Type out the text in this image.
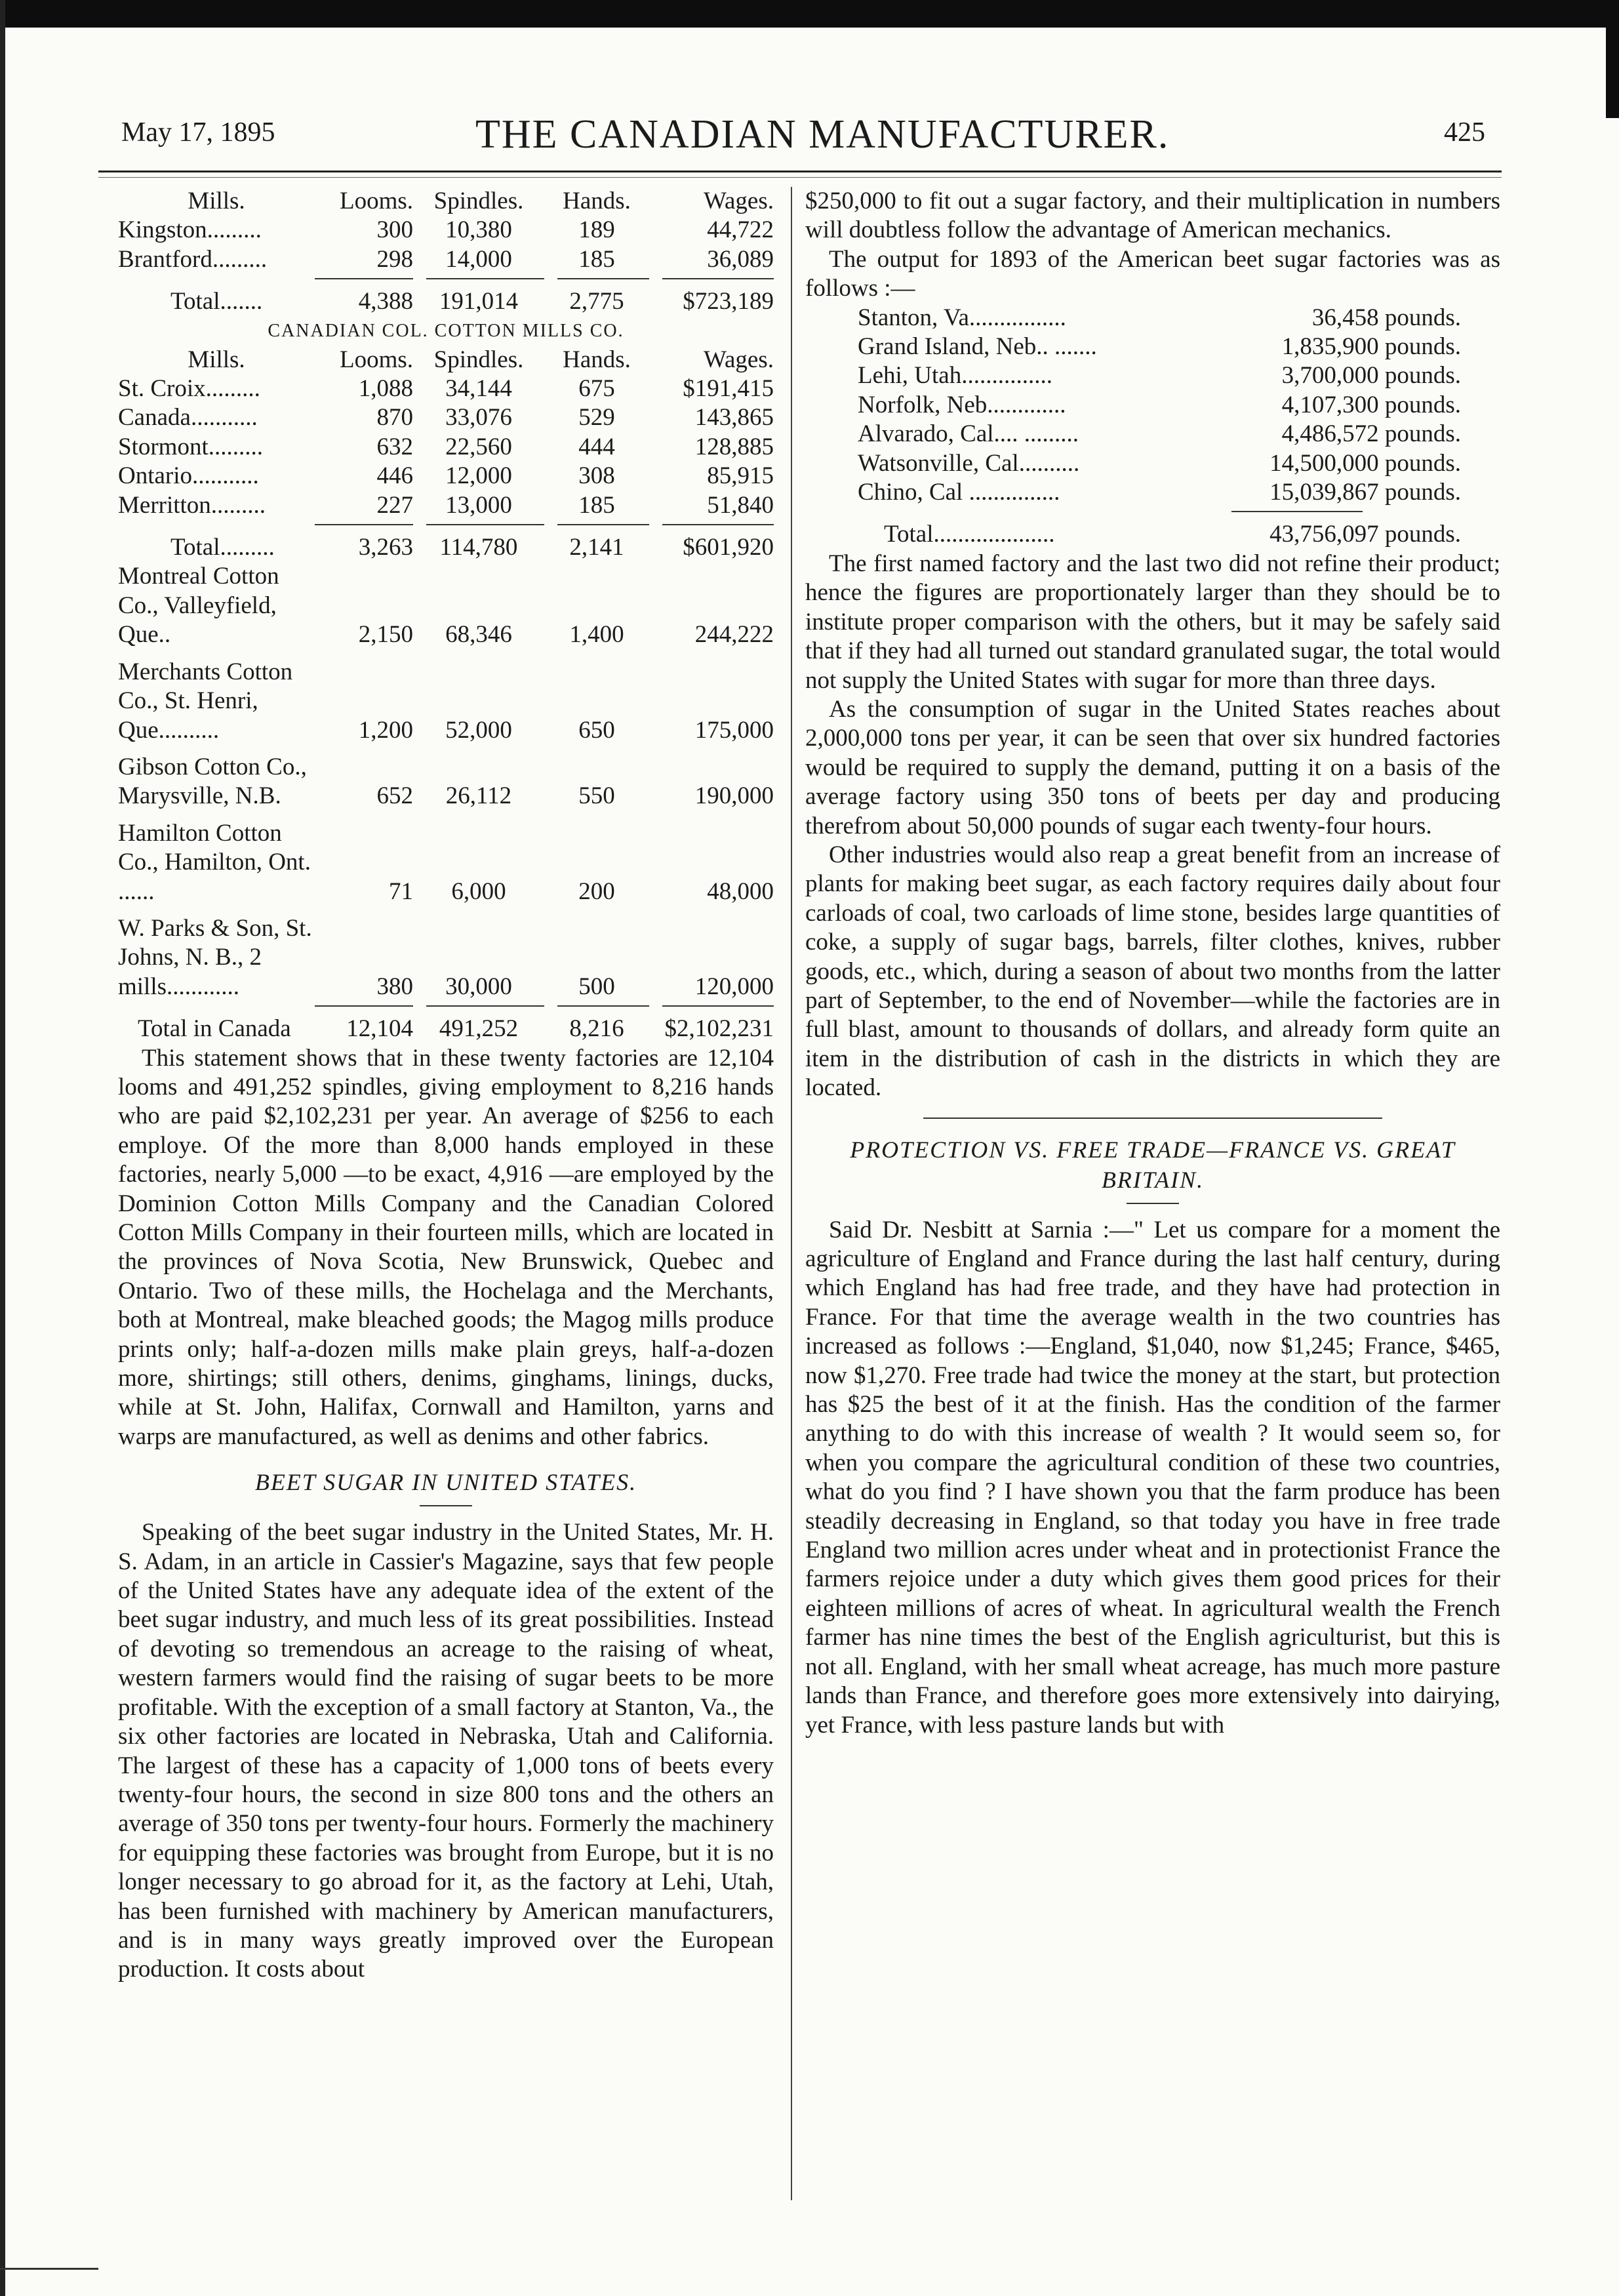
May 17, 1895	THE CANADIAN MANUFACTURER.	425
Mills.	Looms.	Spindles.	Hands.	Wages.
Kingston.........	300	10,380	189	44,722
Brantford.........	298	14,000	185	36,089

Total.......	4,388	191,014	2,775	$723,189
CANADIAN COL. COTTON MILLS CO.
Mills.	Looms.	Spindles.	Hands.	Wages.
St. Croix.........	1,088	34,144	675	$191,415
Canada...........	870	33,076	529	143,865
Stormont.........	632	22,560	444	128,885
Ontario...........	446	12,000	308	85,915
Merritton.........	227	13,000	185	51,840

Total.........	3,263	114,780	2,141	$601,920
Montreal Cotton Co., Valleyfield, Que..	2,150	68,346	1,400	244,222
Merchants Cotton Co., St. Henri, Que..........	1,200	52,000	650	175,000
Gibson Cotton Co., Marysville, N.B.	652	26,112	550	190,000
Hamilton Cotton Co., Hamilton, Ont. ......	71	6,000	200	48,000
W. Parks & Son, St. Johns, N. B., 2 mills............	380	30,000	500	120,000

Total in Canada	12,104	491,252	8,216	$2,102,231

This statement shows that in these twenty factories are 12,104 looms and 491,252 spindles, giving employment to 8,216 hands who are paid $2,102,231 per year. An average of $256 to each employe. Of the more than 8,000 hands employed in these factories, nearly 5,000 —to be exact, 4,916 —are employed by the Dominion Cotton Mills Company and the Canadian Colored Cotton Mills Company in their fourteen mills, which are located in the provinces of Nova Scotia, New Brunswick, Quebec and Ontario. Two of these mills, the Hochelaga and the Merchants, both at Montreal, make bleached goods; the Magog mills produce prints only; half-a-dozen mills make plain greys, half-a-dozen more, shirtings; still others, denims, ginghams, linings, ducks, while at St. John, Halifax, Cornwall and Hamilton, yarns and warps are manufactured, as well as denims and other fabrics.

BEET SUGAR IN UNITED STATES.

Speaking of the beet sugar industry in the United States, Mr. H. S. Adam, in an article in Cassier's Magazine, says that few people of the United States have any adequate idea of the extent of the beet sugar industry, and much less of its great possibilities. Instead of devoting so tremendous an acreage to the raising of wheat, western farmers would find the raising of sugar beets to be more profitable. With the exception of a small factory at Stanton, Va., the six other factories are located in Nebraska, Utah and California. The largest of these has a capacity of 1,000 tons of beets every twenty-four hours, the second in size 800 tons and the others an average of 350 tons per twenty-four hours. Formerly the machinery for equipping these factories was brought from Europe, but it is no longer necessary to go abroad for it, as the factory at Lehi, Utah, has been furnished with machinery by American manufacturers, and is in many ways greatly improved over the European production. It costs about

$250,000 to fit out a sugar factory, and their multiplication in numbers will doubtless follow the advantage of American mechanics.

The output for 1893 of the American beet sugar factories was as follows :—

Stanton, Va................	36,458 pounds.
Grand Island, Neb.. .......	1,835,900 pounds.
Lehi, Utah...............	3,700,000 pounds.
Norfolk, Neb.............	4,107,300 pounds.
Alvarado, Cal.... .........	4,486,572 pounds.
Watsonville, Cal..........	14,500,000 pounds.
Chino, Cal ...............	15,039,867 pounds.

Total....................	43,756,097 pounds.

The first named factory and the last two did not refine their product; hence the figures are proportionately larger than they should be to institute proper comparison with the others, but it may be safely said that if they had all turned out standard granulated sugar, the total would not supply the United States with sugar for more than three days.

As the consumption of sugar in the United States reaches about 2,000,000 tons per year, it can be seen that over six hundred factories would be required to supply the demand, putting it on a basis of the average factory using 350 tons of beets per day and producing therefrom about 50,000 pounds of sugar each twenty-four hours.

Other industries would also reap a great benefit from an increase of plants for making beet sugar, as each factory requires daily about four carloads of coal, two carloads of lime stone, besides large quantities of coke, a supply of sugar bags, barrels, filter clothes, knives, rubber goods, etc., which, during a season of about two months from the latter part of September, to the end of November—while the factories are in full blast, amount to thousands of dollars, and already form quite an item in the distribution of cash in the districts in which they are located.

PROTECTION VS. FREE TRADE—FRANCE VS. GREAT BRITAIN.

Said Dr. Nesbitt at Sarnia :—" Let us compare for a moment the agriculture of England and France during the last half century, during which England has had free trade, and they have had protection in France. For that time the average wealth in the two countries has increased as follows :—England, $1,040, now $1,245; France, $465, now $1,270. Free trade had twice the money at the start, but protection has $25 the best of it at the finish. Has the condition of the farmer anything to do with this increase of wealth ? It would seem so, for when you compare the agricultural condition of these two countries, what do you find ? I have shown you that the farm produce has been steadily decreasing in England, so that today you have in free trade England two million acres under wheat and in protectionist France the farmers rejoice under a duty which gives them good prices for their eighteen millions of acres of wheat. In agricultural wealth the French farmer has nine times the best of the English agriculturist, but this is not all. England, with her small wheat acreage, has much more pasture lands than France, and therefore goes more extensively into dairying, yet France, with less pasture lands but with
